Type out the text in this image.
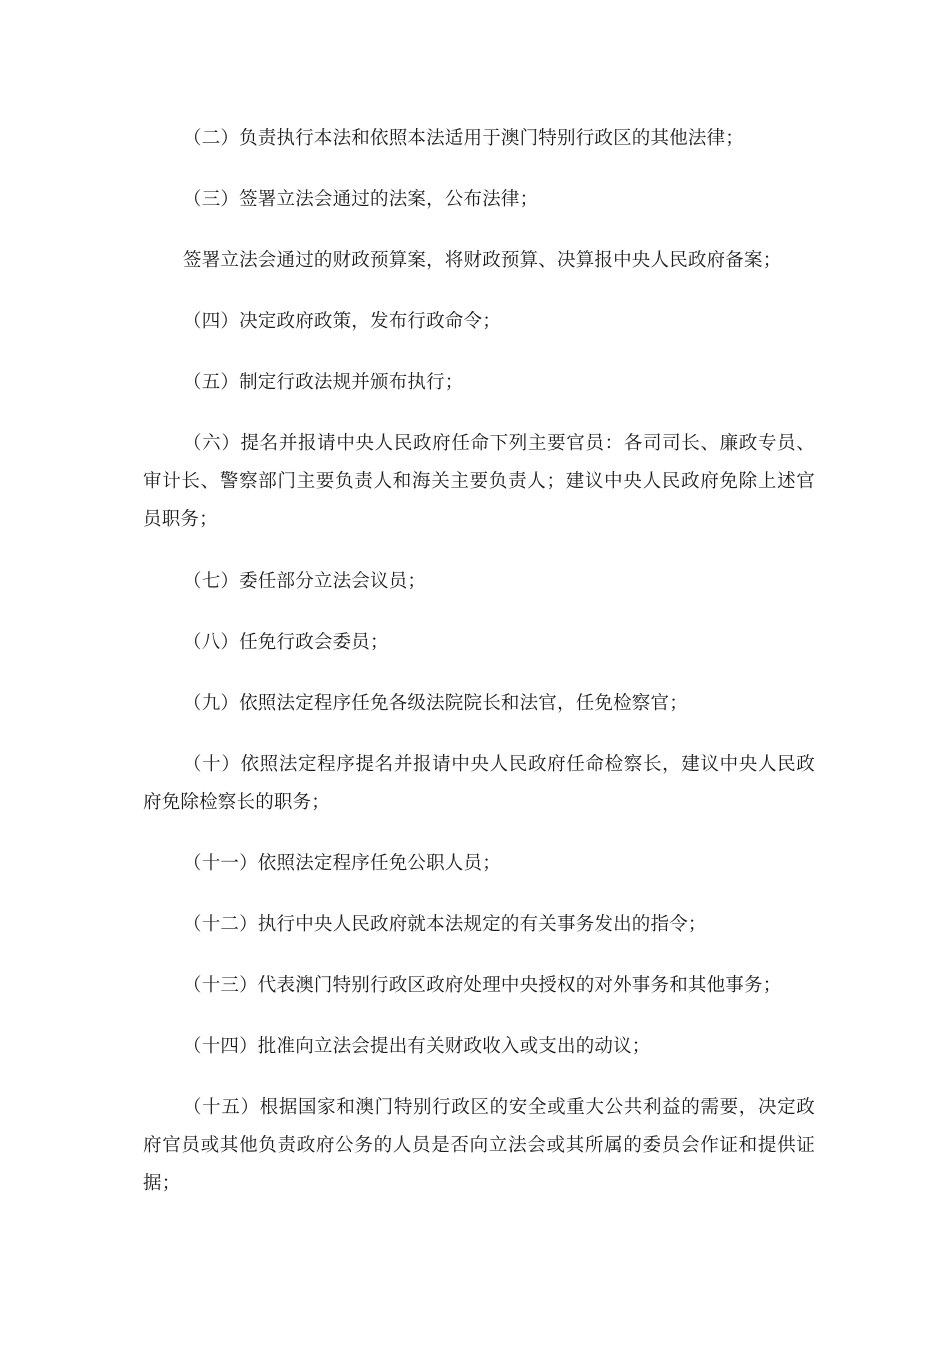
（二）负责执行本法和依照本法适用于澳门特别行政区的其他法律；

（三）签署立法会通过的法案，公布法律；

签署立法会通过的财政预算案，将财政预算、决算报中央人民政府备案；

（四）决定政府政策，发布行政命令；

（五）制定行政法规并颁布执行；

（六）提名并报请中央人民政府任命下列主要官员：各司司长、廉政专员、审计长、警察部门主要负责人和海关主要负责人；建议中央人民政府免除上述官员职务；

（七）委任部分立法会议员；

（八）任免行政会委员；

（九）依照法定程序任免各级法院院长和法官，任免检察官；

（十）依照法定程序提名并报请中央人民政府任命检察长，建议中央人民政府免除检察长的职务；

（十一）依照法定程序任免公职人员；

（十二）执行中央人民政府就本法规定的有关事务发出的指令；

（十三）代表澳门特别行政区政府处理中央授权的对外事务和其他事务；

（十四）批准向立法会提出有关财政收入或支出的动议；

（十五）根据国家和澳门特别行政区的安全或重大公共利益的需要，决定政府官员或其他负责政府公务的人员是否向立法会或其所属的委员会作证和提供证据；
